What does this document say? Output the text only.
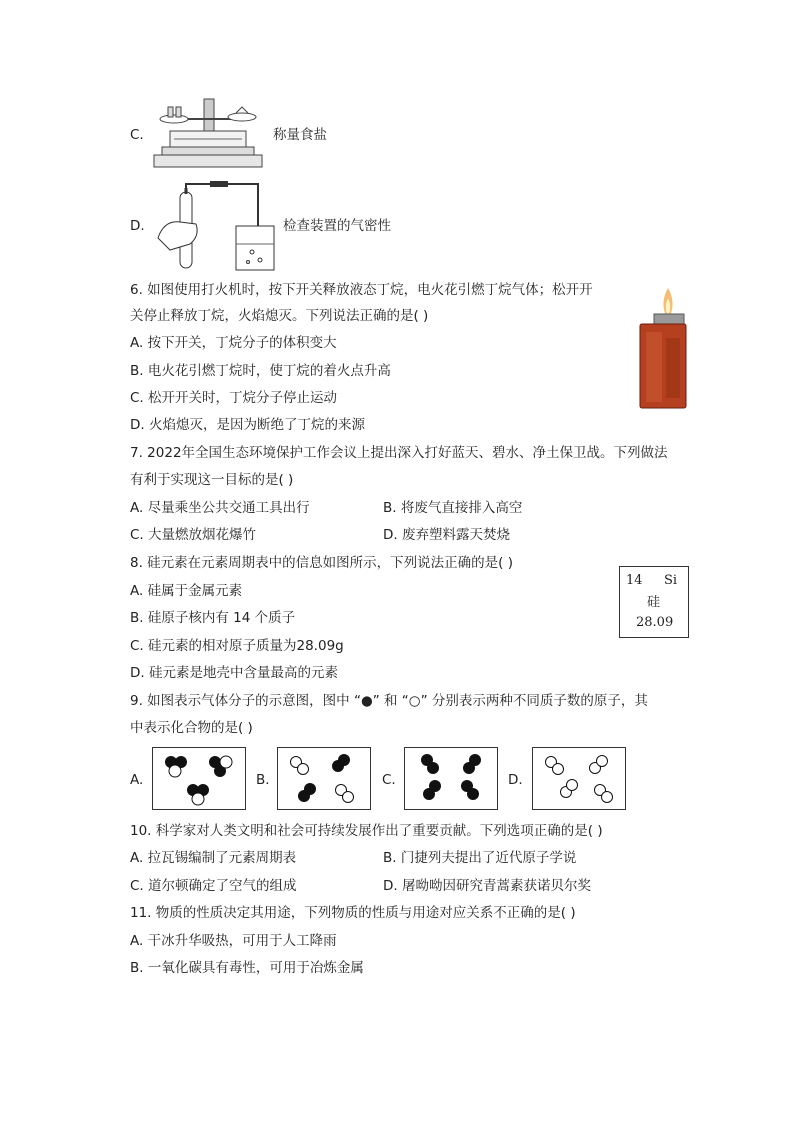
C.	称量食盐
D.	检查装置的气密性
6. 如图使用打火机时，按下开关释放液态丁烷，电火花引燃丁烷气体；松开开
关停止释放丁烷，火焰熄灭。下列说法正确的是( )
A. 按下开关，丁烷分子的体积变大
B. 电火花引燃丁烷时，使丁烷的着火点升高
C. 松开开关时，丁烷分子停止运动
D. 火焰熄灭，是因为断绝了丁烷的来源
7. 2022年全国生态环境保护工作会议上提出深入打好蓝天、碧水、净土保卫战。下列做法
有利于实现这一目标的是( )
A. 尽量乘坐公共交通工具出行	B. 将废气直接排入高空
C. 大量燃放烟花爆竹	D. 废弃塑料露天焚烧
8. 硅元素在元素周期表中的信息如图所示，下列说法正确的是( )
A. 硅属于金属元素
B. 硅原子核内有 14 个质子
C. 硅元素的相对原子质量为28.09g
D. 硅元素是地壳中含量最高的元素
14 Si
硅
28.09
9. 如图表示气体分子的示意图，图中 “●” 和 “○” 分别表示两种不同质子数的原子，其
中表示化合物的是( )
A.	B.	C.	D.
10. 科学家对人类文明和社会可持续发展作出了重要贡献。下列选项正确的是( )
A. 拉瓦锡编制了元素周期表	B. 门捷列夫提出了近代原子学说
C. 道尔顿确定了空气的组成	D. 屠呦呦因研究青蒿素获诺贝尔奖
11. 物质的性质决定其用途，下列物质的性质与用途对应关系不正确的是( )
A. 干冰升华吸热，可用于人工降雨
B. 一氧化碳具有毒性，可用于冶炼金属
